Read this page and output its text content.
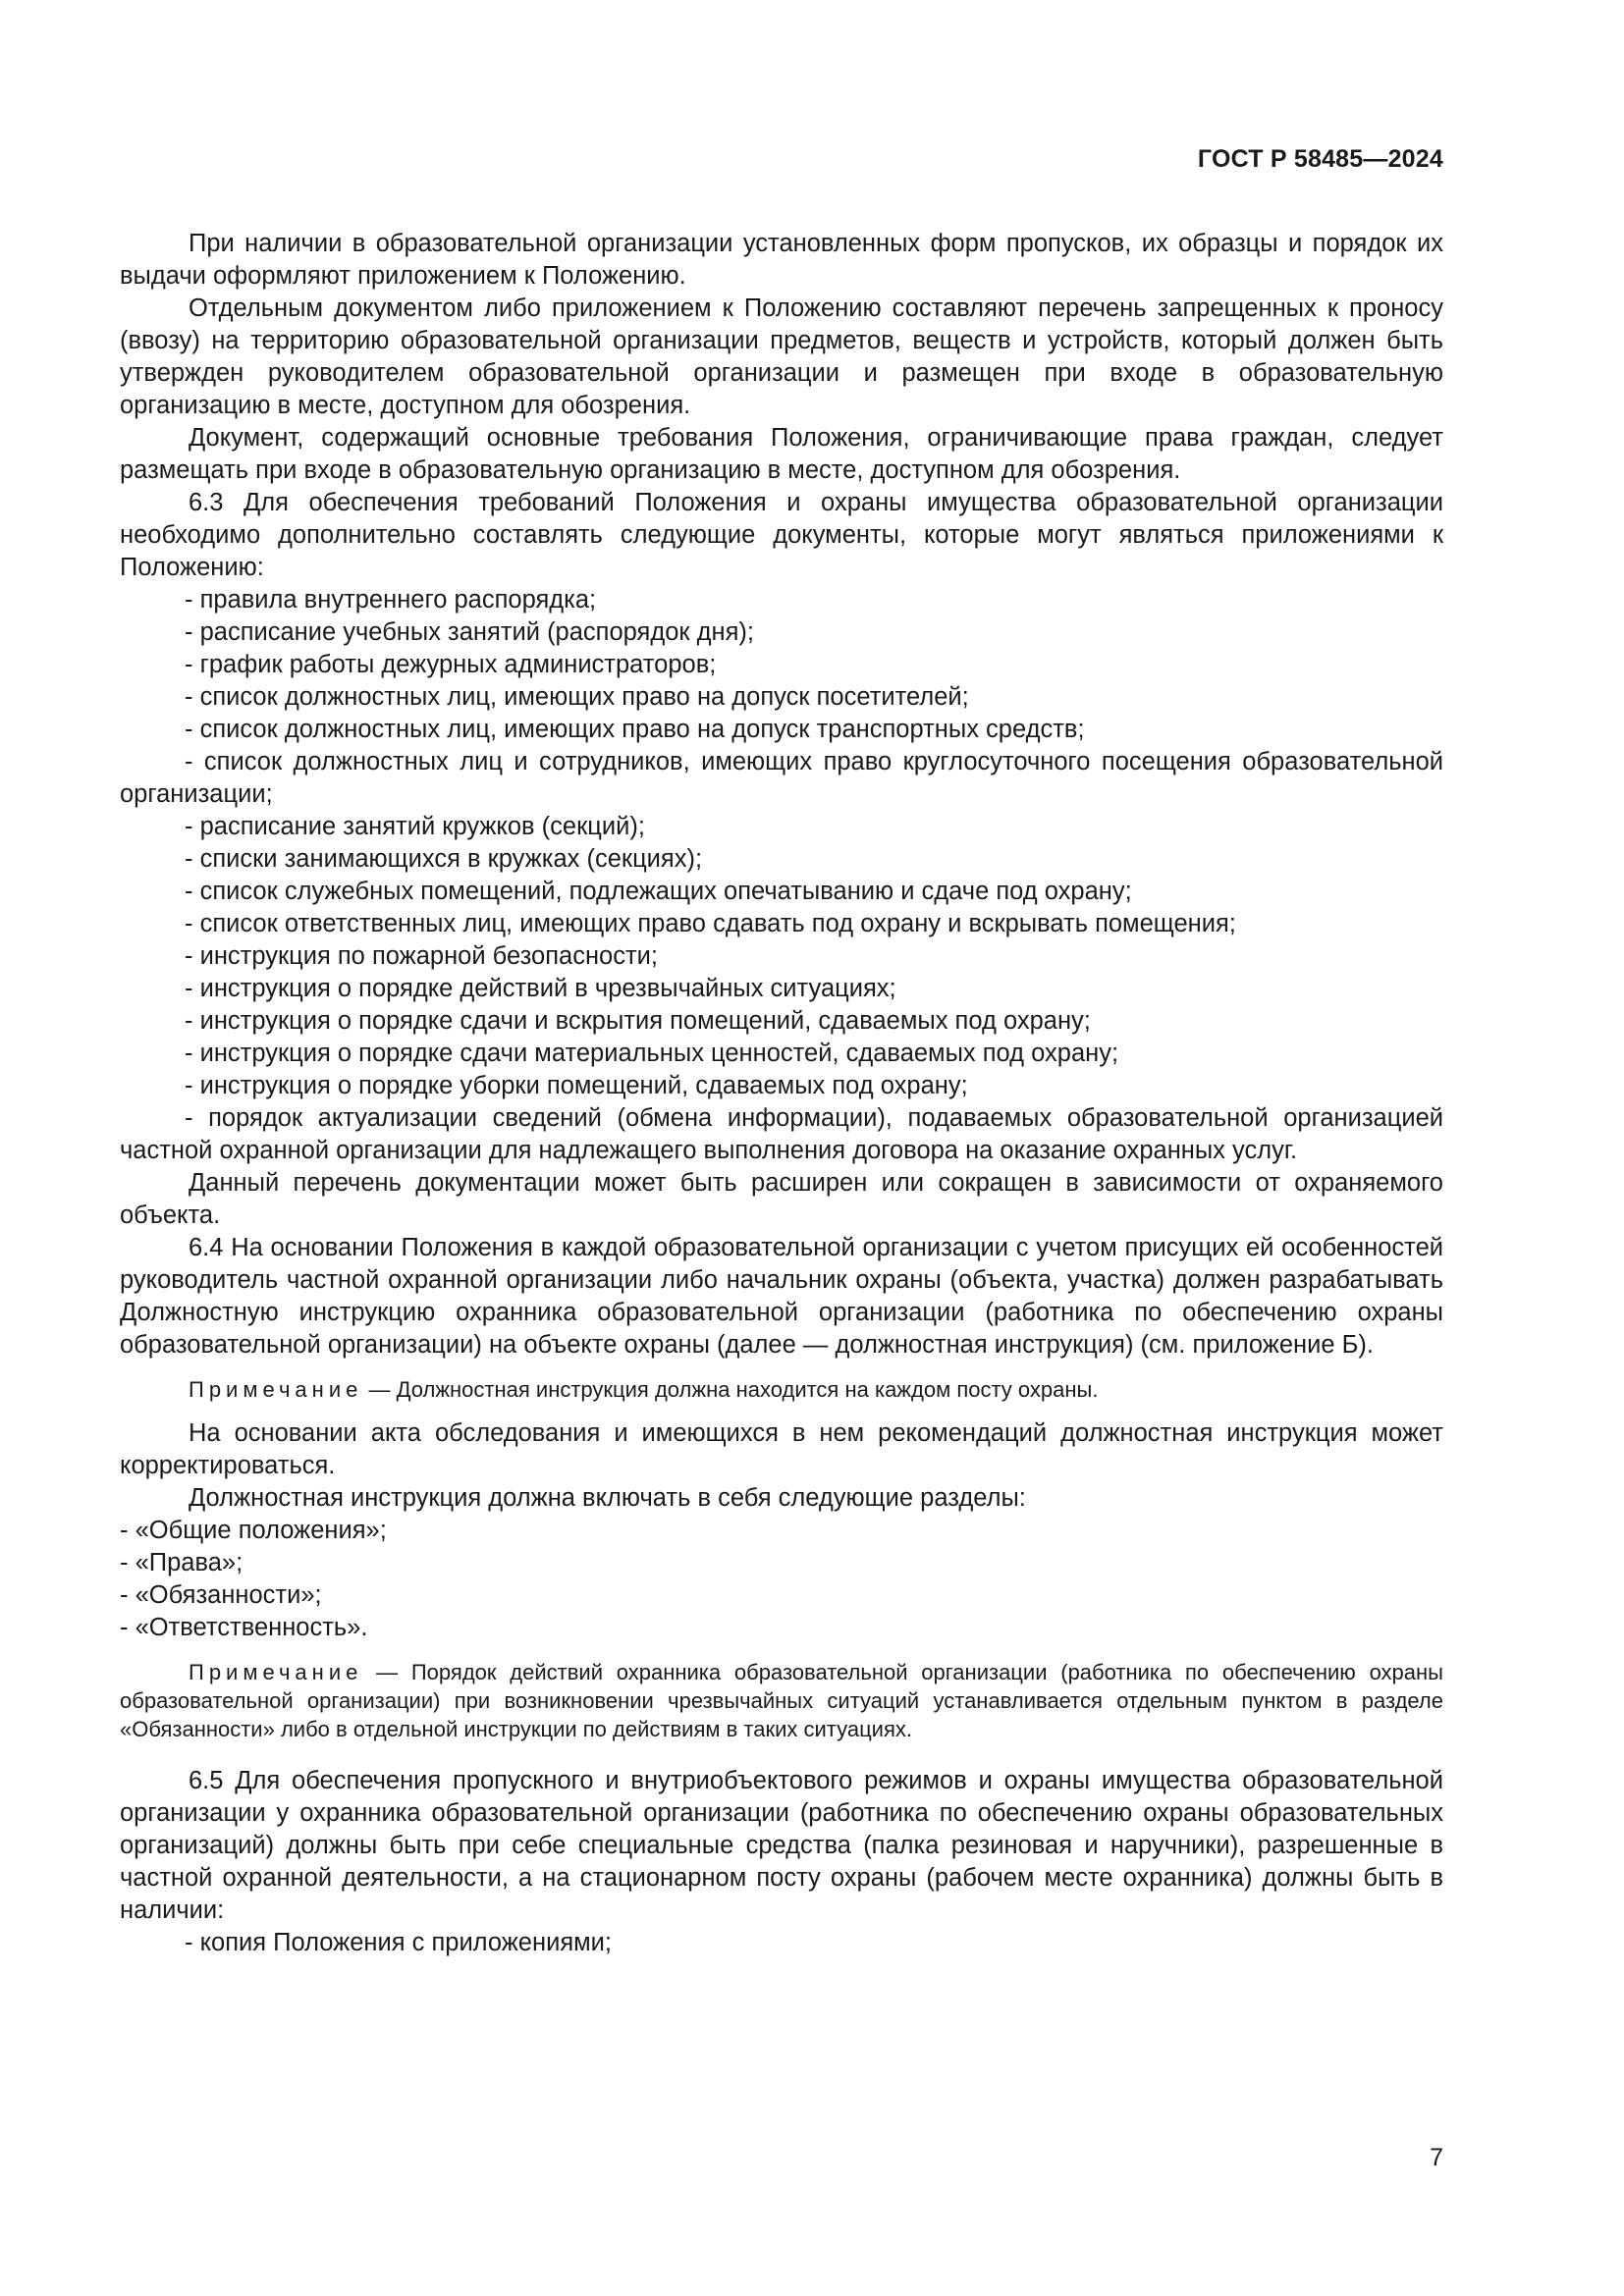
ГОСТ Р 58485—2024

При наличии в образовательной организации установленных форм пропусков, их образцы и порядок их выдачи оформляют приложением к Положению.

Отдельным документом либо приложением к Положению составляют перечень запрещенных к проносу (ввозу) на территорию образовательной организации предметов, веществ и устройств, который должен быть утвержден руководителем образовательной организации и размещен при входе в образовательную организацию в месте, доступном для обозрения.

Документ, содержащий основные требования Положения, ограничивающие права граждан, следует размещать при входе в образовательную организацию в месте, доступном для обозрения.

6.3 Для обеспечения требований Положения и охраны имущества образовательной организации необходимо дополнительно составлять следующие документы, которые могут являться приложениями к Положению:

- правила внутреннего распорядка;

- расписание учебных занятий (распорядок дня);

- график работы дежурных администраторов;

- список должностных лиц, имеющих право на допуск посетителей;

- список должностных лиц, имеющих право на допуск транспортных средств;

- список должностных лиц и сотрудников, имеющих право круглосуточного посещения образовательной организации;

- расписание занятий кружков (секций);

- списки занимающихся в кружках (секциях);

- список служебных помещений, подлежащих опечатыванию и сдаче под охрану;

- список ответственных лиц, имеющих право сдавать под охрану и вскрывать помещения;

- инструкция по пожарной безопасности;

- инструкция о порядке действий в чрезвычайных ситуациях;

- инструкция о порядке сдачи и вскрытия помещений, сдаваемых под охрану;

- инструкция о порядке сдачи материальных ценностей, сдаваемых под охрану;

- инструкция о порядке уборки помещений, сдаваемых под охрану;

- порядок актуализации сведений (обмена информации), подаваемых образовательной организацией частной охранной организации для надлежащего выполнения договора на оказание охранных услуг.

Данный перечень документации может быть расширен или сокращен в зависимости от охраняемого объекта.

6.4 На основании Положения в каждой образовательной организации с учетом присущих ей особенностей руководитель частной охранной организации либо начальник охраны (объекта, участка) должен разрабатывать Должностную инструкцию охранника образовательной организации (работника по обеспечению охраны образовательной организации) на объекте охраны (далее — должностная инструкция) (см. приложение Б).

Примечание — Должностная инструкция должна находится на каждом посту охраны.

На основании акта обследования и имеющихся в нем рекомендаций должностная инструкция может корректироваться.

Должностная инструкция должна включать в себя следующие разделы:

- «Общие положения»;

- «Права»;

- «Обязанности»;

- «Ответственность».

Примечание — Порядок действий охранника образовательной организации (работника по обеспечению охраны образовательной организации) при возникновении чрезвычайных ситуаций устанавливается отдельным пунктом в разделе «Обязанности» либо в отдельной инструкции по действиям в таких ситуациях.

6.5 Для обеспечения пропускного и внутриобъектового режимов и охраны имущества образовательной организации у охранника образовательной организации (работника по обеспечению охраны образовательных организаций) должны быть при себе специальные средства (палка резиновая и наручники), разрешенные в частной охранной деятельности, а на стационарном посту охраны (рабочем месте охранника) должны быть в наличии:

- копия Положения с приложениями;

7
